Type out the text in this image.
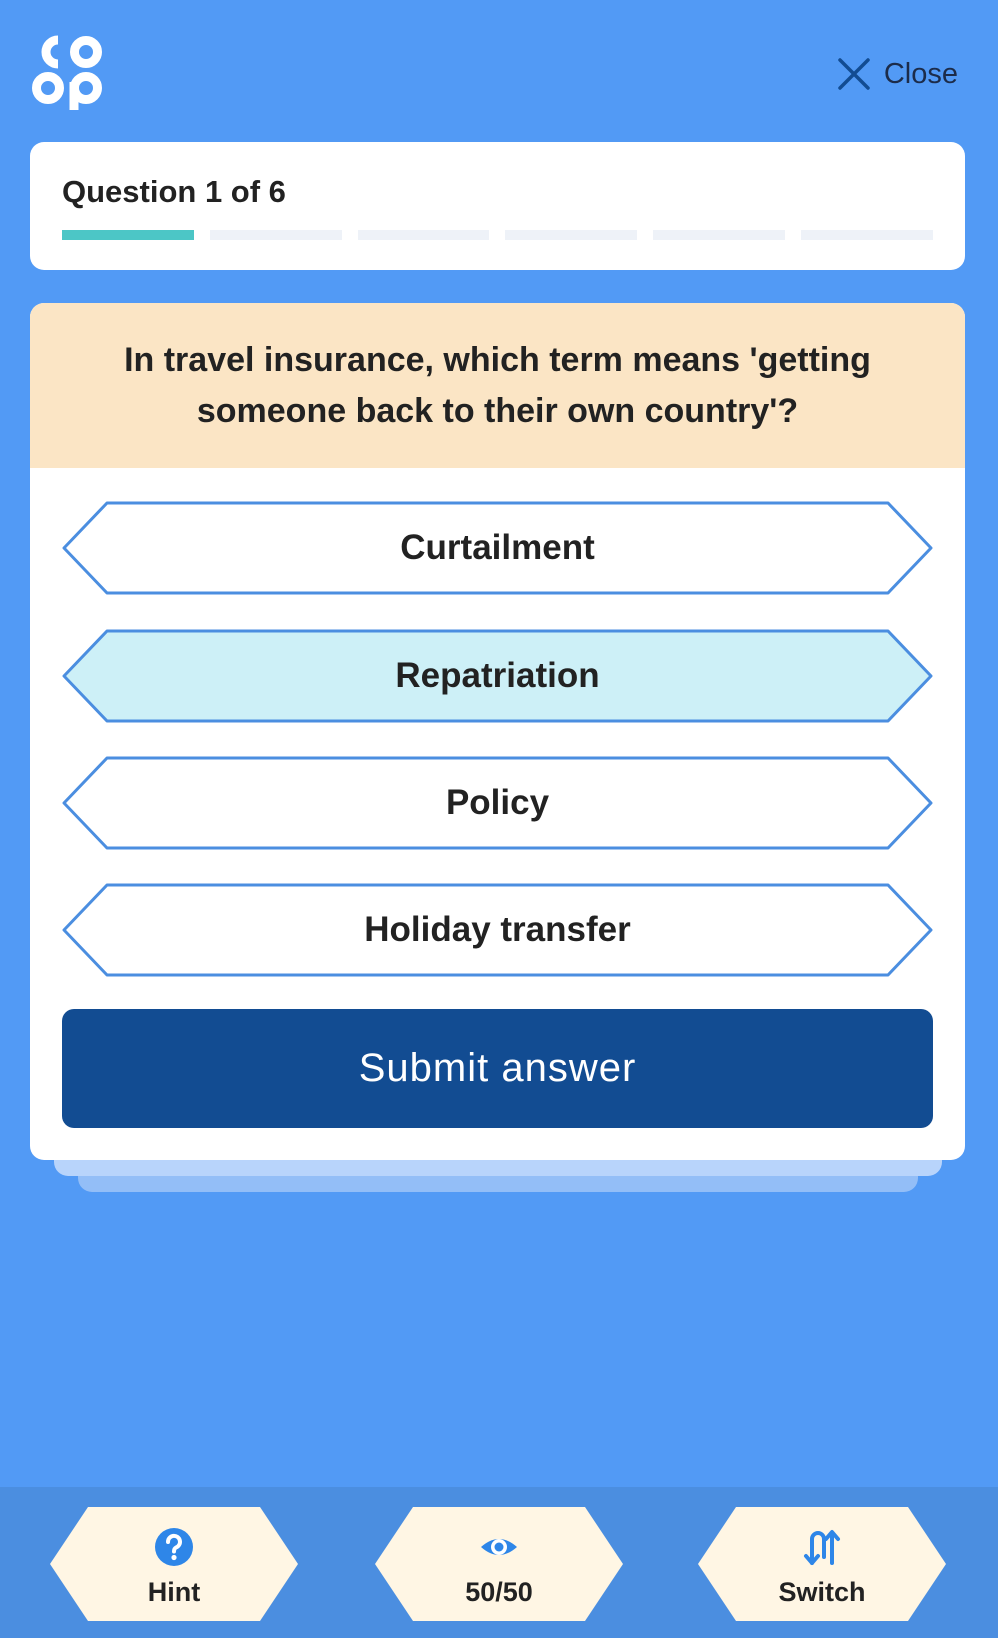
Close
Question 1 of 6
In travel insurance, which term means 'getting someone back to their own country'?
Curtailment
Repatriation
Policy
Holiday transfer
Submit answer
Hint	50/50	Switch
